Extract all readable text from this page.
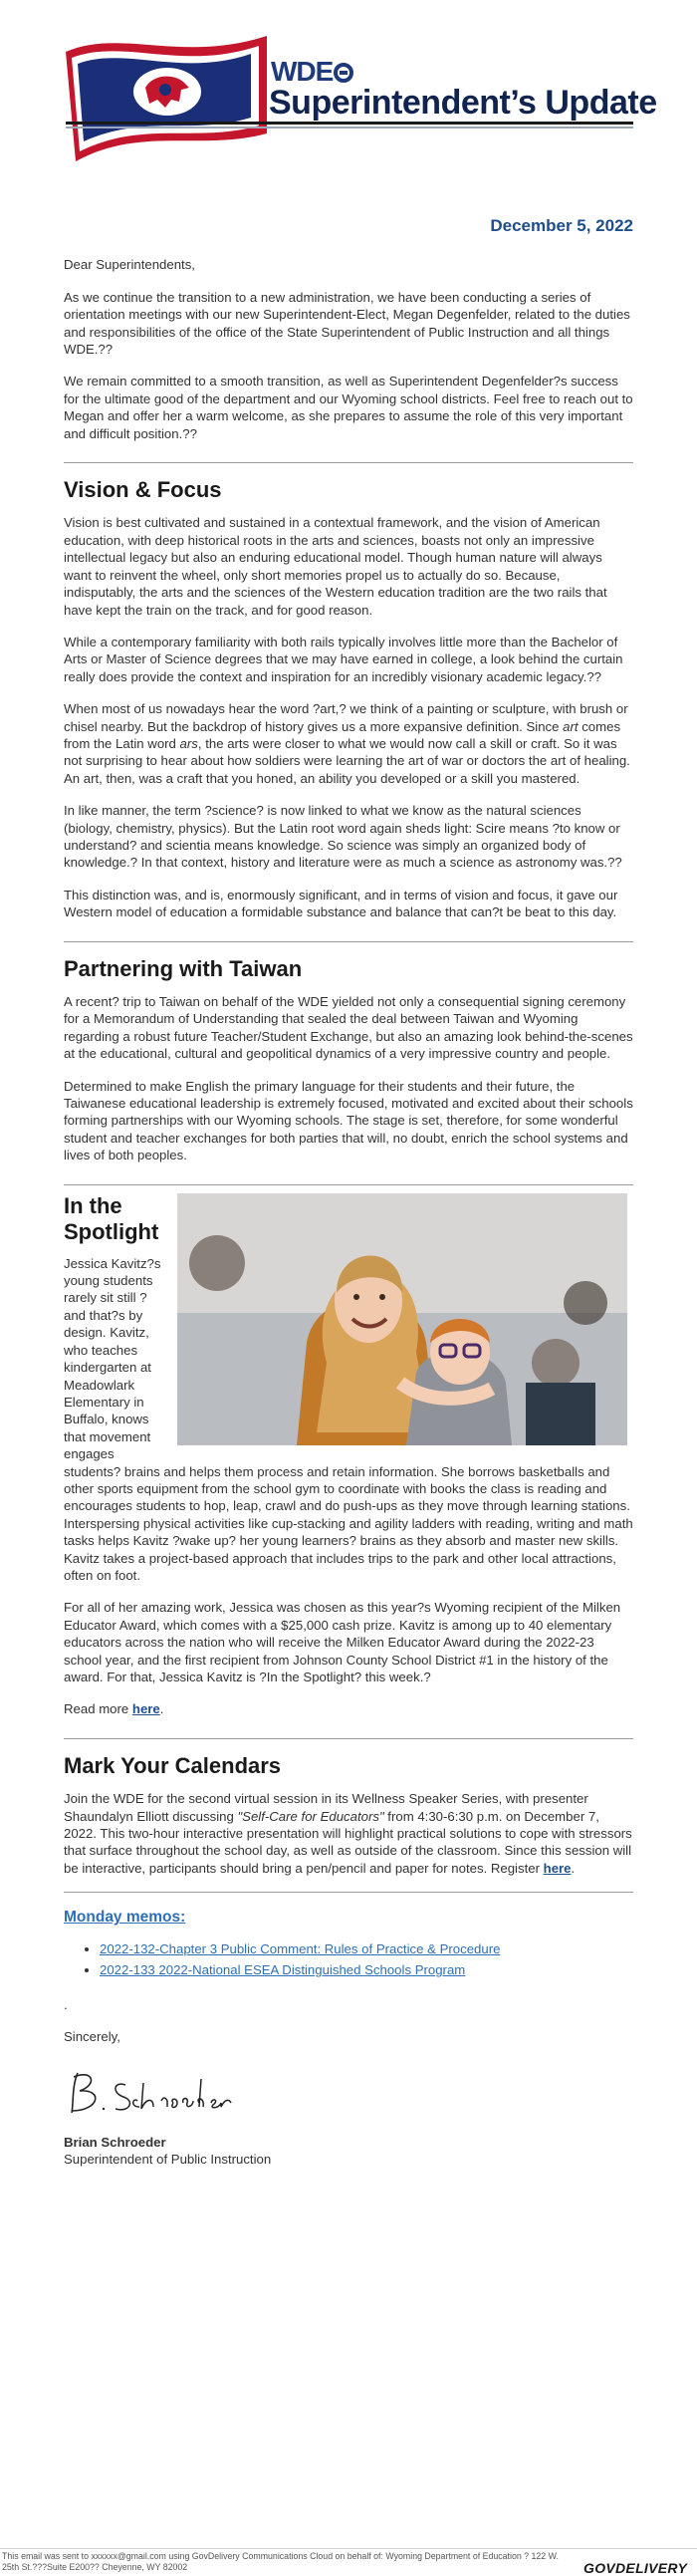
WDE
Superintendent’s Update
December 5, 2022

Dear Superintendents,

As we continue the transition to a new administration, we have been conducting a series of orientation meetings with our new Superintendent-Elect, Megan Degenfelder, related to the duties and responsibilities of the office of the State Superintendent of Public Instruction and all things WDE.??

We remain committed to a smooth transition, as well as Superintendent Degenfelder?s success for the ultimate good of the department and our Wyoming school districts. Feel free to reach out to Megan and offer her a warm welcome, as she prepares to assume the role of this very important and difficult position.??

Vision & Focus

Vision is best cultivated and sustained in a contextual framework, and the vision of American education, with deep historical roots in the arts and sciences, boasts not only an impressive intellectual legacy but also an enduring educational model. Though human nature will always want to reinvent the wheel, only short memories propel us to actually do so. Because, indisputably, the arts and the sciences of the Western education tradition are the two rails that have kept the train on the track, and for good reason.

While a contemporary familiarity with both rails typically involves little more than the Bachelor of Arts or Master of Science degrees that we may have earned in college, a look behind the curtain really does provide the context and inspiration for an incredibly visionary academic legacy.??

When most of us nowadays hear the word ?art,? we think of a painting or sculpture, with brush or chisel nearby. But the backdrop of history gives us a more expansive definition. Since art comes from the Latin word ars, the arts were closer to what we would now call a skill or craft. So it was not surprising to hear about how soldiers were learning the art of war or doctors the art of healing. An art, then, was a craft that you honed, an ability you developed or a skill you mastered.

In like manner, the term ?science? is now linked to what we know as the natural sciences (biology, chemistry, physics). But the Latin root word again sheds light: Scire means ?to know or understand? and scientia means knowledge. So science was simply an organized body of knowledge.? In that context, history and literature were as much a science as astronomy was.??

This distinction was, and is, enormously significant, and in terms of vision and focus, it gave our Western model of education a formidable substance and balance that can?t be beat to this day.

Partnering with Taiwan

A recent? trip to Taiwan on behalf of the WDE yielded not only a consequential signing ceremony for a Memorandum of Understanding that sealed the deal between Taiwan and Wyoming regarding a robust future Teacher/Student Exchange, but also an amazing look behind-the-scenes at the educational, cultural and geopolitical dynamics of a very impressive country and people.

Determined to make English the primary language for their students and their future, the Taiwanese educational leadership is extremely focused, motivated and excited about their schools forming partnerships with our Wyoming schools. The stage is set, therefore, for some wonderful student and teacher exchanges for both parties that will, no doubt, enrich the school systems and lives of both peoples.

In the
Spotlight

Jessica Kavitz?s young students rarely sit still ? and that?s by design. Kavitz, who teaches kindergarten at Meadowlark Elementary in Buffalo, knows that movement engages students? brains and helps them process and retain information. She borrows basketballs and other sports equipment from the school gym to coordinate with books the class is reading and encourages students to hop, leap, crawl and do push-ups as they move through learning stations. Interspersing physical activities like cup-stacking and agility ladders with reading, writing and math tasks helps Kavitz ?wake up? her young learners? brains as they absorb and master new skills. Kavitz takes a project-based approach that includes trips to the park and other local attractions, often on foot.

For all of her amazing work, Jessica was chosen as this year?s Wyoming recipient of the Milken Educator Award, which comes with a $25,000 cash prize. Kavitz is among up to 40 elementary educators across the nation who will receive the Milken Educator Award during the 2022-23 school year, and the first recipient from Johnson County School District #1 in the history of the award. For that, Jessica Kavitz is ?In the Spotlight? this week.?

Read more here.

Mark Your Calendars

Join the WDE for the second virtual session in its Wellness Speaker Series, with presenter Shaundalyn Elliott discussing "Self-Care for Educators" from 4:30-6:30 p.m. on December 7, 2022. This two-hour interactive presentation will highlight practical solutions to cope with stressors that surface throughout the school day, as well as outside of the classroom. Since this session will be interactive, participants should bring a pen/pencil and paper for notes. Register here.

Monday memos:
• 2022-132-Chapter 3 Public Comment: Rules of Practice & Procedure
• 2022-133 2022-National ESEA Distinguished Schools Program

.

Sincerely,

Brian Schroeder
Superintendent of Public Instruction

This email was sent to xxxxxx@gmail.com using GovDelivery Communications Cloud on behalf of: Wyoming Department of Education ? 122 W. 25th St.???Suite E200?? Cheyenne, WY 82002	GOVDELIVERY
